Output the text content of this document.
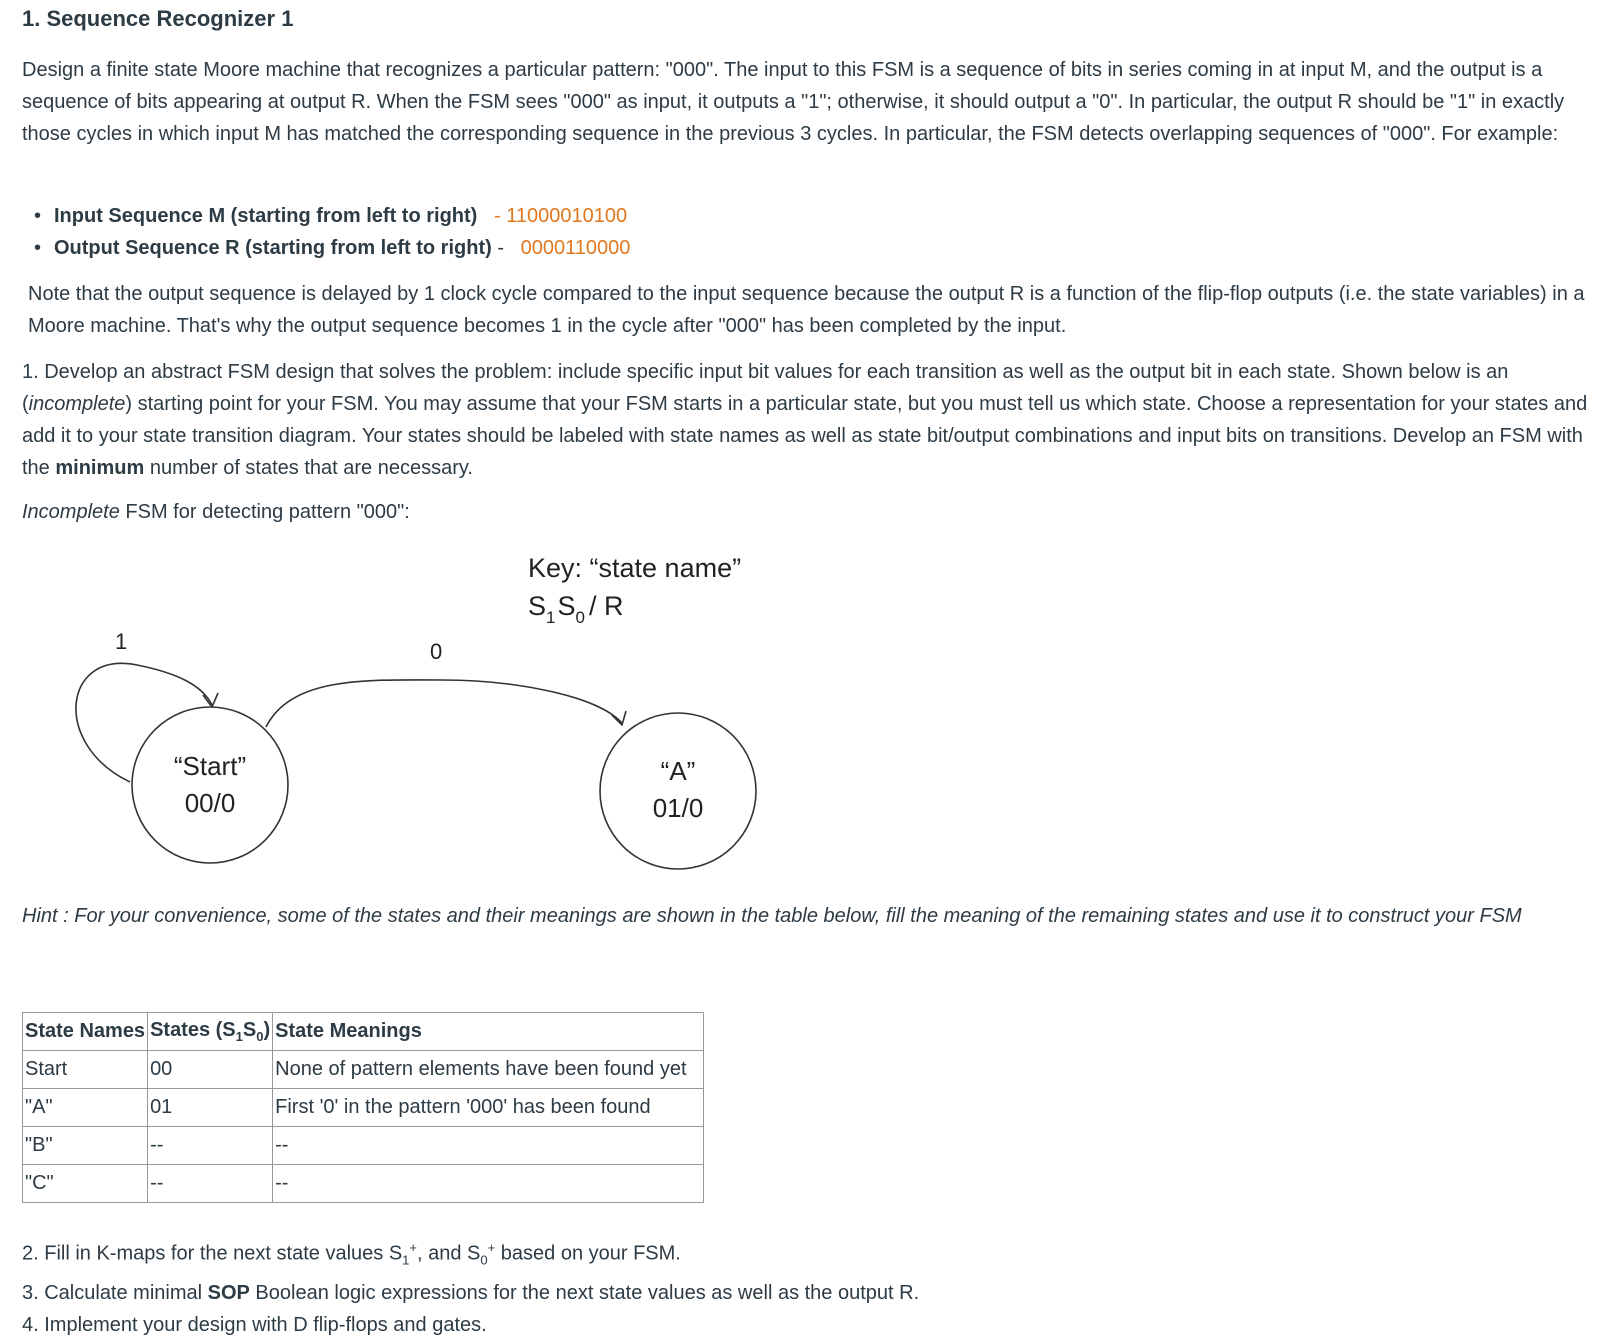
1. Sequence Recognizer 1

Design a finite state Moore machine that recognizes a particular pattern: "000". The input to this FSM is a sequence of bits in series coming in at input M, and the output is a sequence of bits appearing at output R. When the FSM sees "000" as input, it outputs a "1"; otherwise, it should output a "0". In particular, the output R should be "1" in exactly those cycles in which input M has matched the corresponding sequence in the previous 3 cycles. In particular, the FSM detects overlapping sequences of "000". For example:

• Input Sequence M (starting from left to right) - 11000010100
• Output Sequence R (starting from left to right) -   0000110000

Note that the output sequence is delayed by 1 clock cycle compared to the input sequence because the output R is a function of the flip-flop outputs (i.e. the state variables) in a Moore machine. That's why the output sequence becomes 1 in the cycle after "000" has been completed by the input.

1. Develop an abstract FSM design that solves the problem: include specific input bit values for each transition as well as the output bit in each state. Shown below is an (incomplete) starting point for your FSM. You may assume that your FSM starts in a particular state, but you must tell us which state. Choose a representation for your states and add it to your state transition diagram. Your states should be labeled with state names as well as state bit/output combinations and input bits on transitions. Develop an FSM with the minimum number of states that are necessary.

Incomplete FSM for detecting pattern "000":

Key: “state name”
$S_1S_0$ / R
1	0
“Start”
00/0
“A”
01/0

Hint : For your convenience, some of the states and their meanings are shown in the table below, fill the meaning of the remaining states and use it to construct your FSM

State Names	States $(S_1S_0)$	State Meanings
Start	00	None of pattern elements have been found yet
"A"	01	First '0' in the pattern '000' has been found
"B"	--	--
"C"	--	--
2. Fill in K-maps for the next state values $S_1^+$, and $S_0^+$ based on your FSM.
3. Calculate minimal SOP Boolean logic expressions for the next state values as well as the output R.
4. Implement your design with D flip-flops and gates.
